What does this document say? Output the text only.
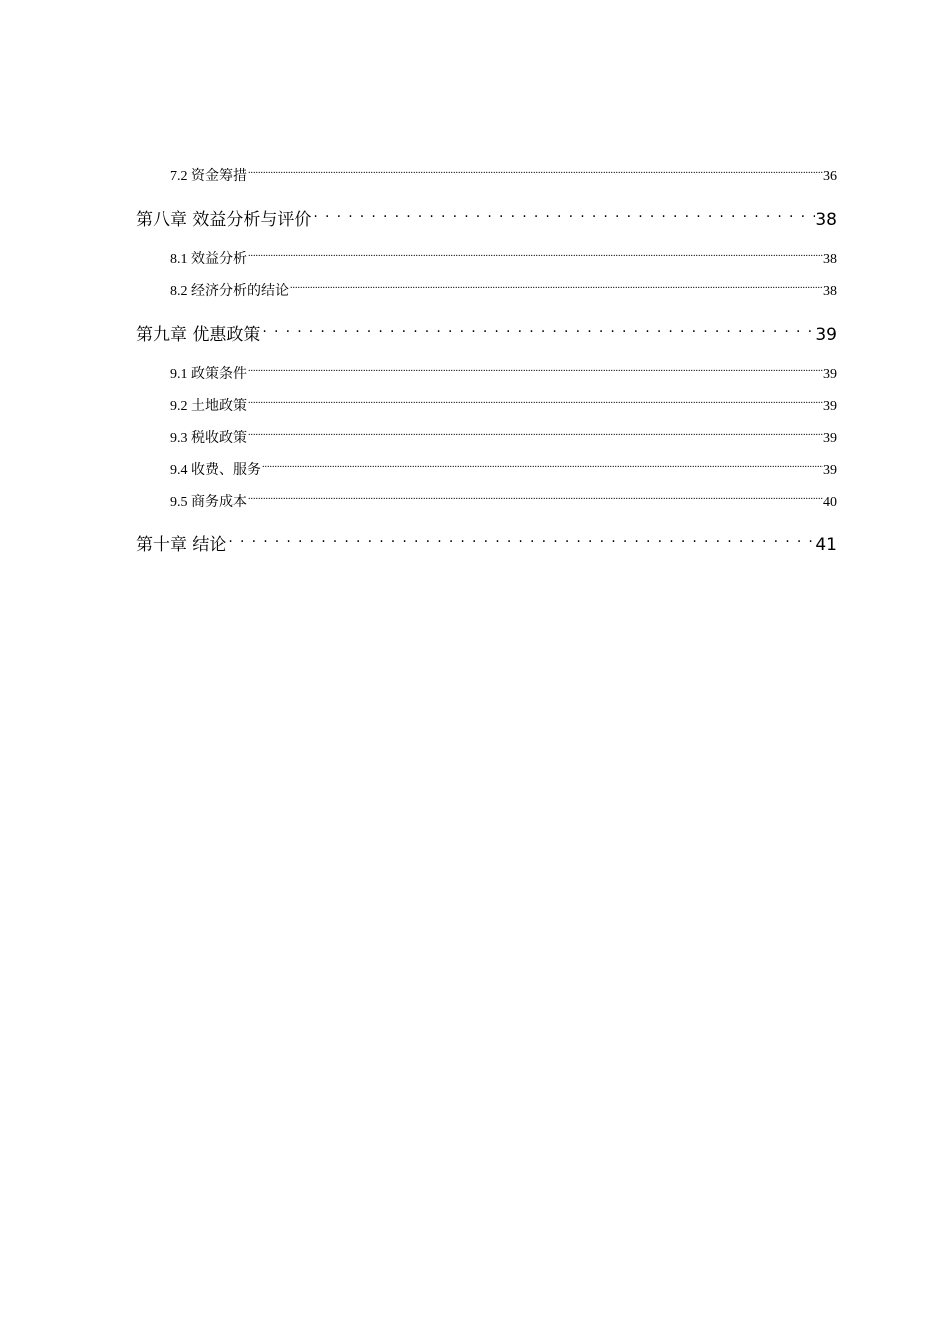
7.2 资金筹措 .....	36
第八章 效益分析与评价 . . .	38
8.1 效益分析 .....	38
8.2 经济分析的结论 .....	38
第九章 优惠政策 . . .	39
9.1 政策条件 .....	39
9.2 土地政策 .....	39
9.3 税收政策 .....	39
9.4 收费、服务 .....	39
9.5 商务成本 .....	40
第十章 结论 . . .	41
